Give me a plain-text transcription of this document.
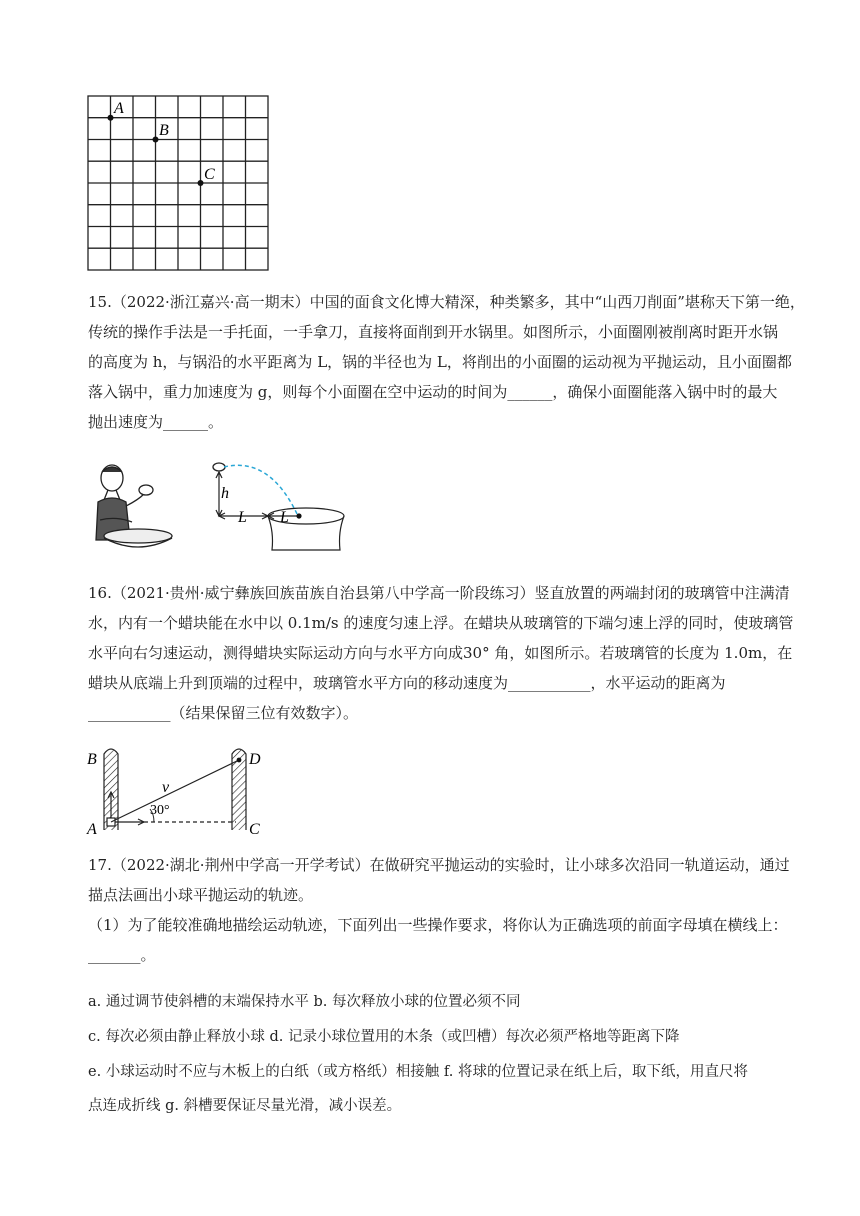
A
B
C
15.（2022·浙江嘉兴·高一期末）中国的面食文化博大精深，种类繁多，其中“山西刀削面”堪称天下第一绝，
传统的操作手法是一手托面，一手拿刀，直接将面削到开水锅里。如图所示，小面圈刚被削离时距开水锅
的高度为 h，与锅沿的水平距离为 L，锅的半径也为 L，将削出的小面圈的运动视为平抛运动，且小面圈都
落入锅中，重力加速度为 g，则每个小面圈在空中运动的时间为______，确保小面圈能落入锅中时的最大
抛出速度为______。
h
L L
16.（2021·贵州·威宁彝族回族苗族自治县第八中学高一阶段练习）竖直放置的两端封闭的玻璃管中注满清
水，内有一个蜡块能在水中以 0.1m/s 的速度匀速上浮。在蜡块从玻璃管的下端匀速上浮的同时，使玻璃管
水平向右匀速运动，测得蜡块实际运动方向与水平方向成30° 角，如图所示。若玻璃管的长度为 1.0m，在
蜡块从底端上升到顶端的过程中，玻璃管水平方向的移动速度为___________，水平运动的距离为
___________（结果保留三位有效数字）。
B
A
D
C
v
30°
17.（2022·湖北·荆州中学高一开学考试）在做研究平抛运动的实验时，让小球多次沿同一轨道运动，通过
描点法画出小球平抛运动的轨迹。
（1）为了能较准确地描绘运动轨迹，下面列出一些操作要求，将你认为正确选项的前面字母填在横线上：
_______。
a. 通过调节使斜槽的末端保持水平 b. 每次释放小球的位置必须不同
c. 每次必须由静止释放小球 d. 记录小球位置用的木条（或凹槽）每次必须严格地等距离下降
e. 小球运动时不应与木板上的白纸（或方格纸）相接触 f. 将球的位置记录在纸上后，取下纸，用直尺将
点连成折线 g. 斜槽要保证尽量光滑，减小误差。
